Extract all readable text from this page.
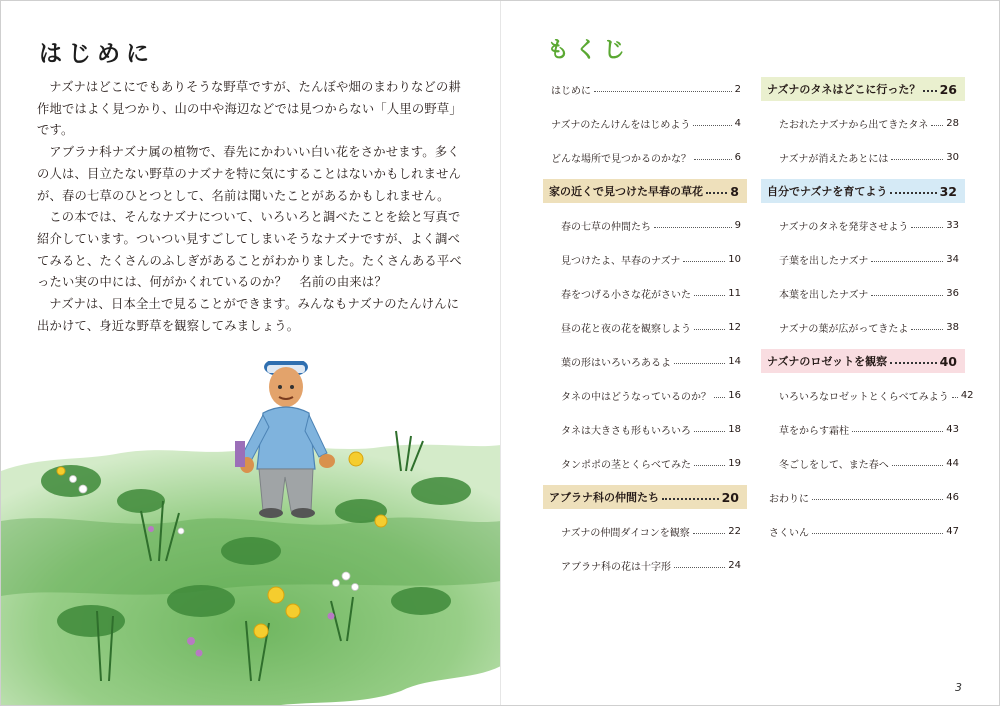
はじめに

ナズナはどこにでもありそうな野草ですが、たんぼや畑のまわりなどの耕作地ではよく見つかり、山の中や海辺などでは見つからない「人里の野草」です。

アブラナ科ナズナ属の植物で、春先にかわいい白い花をさかせます。多くの人は、目立たない野草のナズナを特に気にすることはないかもしれませんが、春の七草のひとつとして、名前は聞いたことがあるかもしれません。

この本では、そんなナズナについて、いろいろと調べたことを絵と写真で紹介しています。ついつい見すごしてしまいそうなナズナですが、よく調べてみると、たくさんのふしぎがあることがわかりました。たくさんある平べったい実の中には、何がかくれているのか？　名前の由来は？

ナズナは、日本全土で見ることができます。みんなもナズナのたんけんに出かけて、身近な野草を観察してみましょう。

もくじ
はじめに	2
ナズナのたんけんをはじめよう	4
どんな場所で見つかるのかな？	6
家の近くで見つけた早春の草花 8
春の七草の仲間たち	9
見つけたよ、早春のナズナ	10
春をつげる小さな花がさいた	11
昼の花と夜の花を観察しよう	12
葉の形はいろいろあるよ	14
タネの中はどうなっているのか？ 16
タネは大きさも形もいろいろ	18
タンポポの茎とくらべてみた	19
アブラナ科の仲間たち	20
ナズナの仲間ダイコンを観察	22
アブラナ科の花は十字形	24
ナズナのタネはどこに行った？ 26
たおれたナズナから出てきたタネ 28
ナズナが消えたあとには	30
自分でナズナを育てよう	32
ナズナのタネを発芽させよう	33
子葉を出したナズナ	34
本葉を出したナズナ	36
ナズナの葉が広がってきたよ	38
ナズナのロゼットを観察	40
いろいろなロゼットとくらべてみよう 42
草をからす霜柱	43
冬ごしをして、また春へ	44
おわりに	46
さくいん	47
3
